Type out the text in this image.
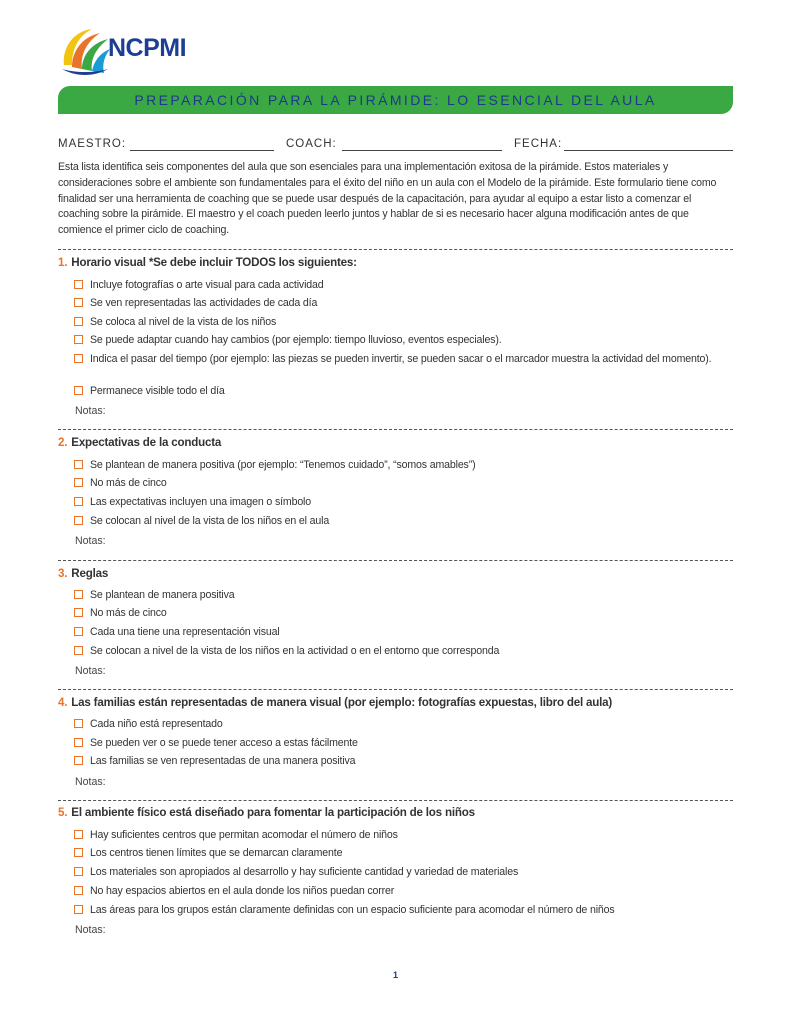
NCPMI
PREPARACIÓN PARA LA PIRÁMIDE: LO ESENCIAL DEL AULA
MAESTRO:	COACH:	FECHA:

Esta lista identifica seis componentes del aula que son esenciales para una implementación exitosa de la pirámide. Estos materiales y consideraciones sobre el ambiente son fundamentales para el éxito del niño en un aula con el Modelo de la pirámide. Este formulario tiene como finalidad ser una herramienta de coaching que se puede usar después de la capacitación, para ayudar al equipo a estar listo a comenzar el coaching sobre la pirámide. El maestro y el coach pueden leerlo juntos y hablar de si es necesario hacer alguna modificación antes de que comience el primer ciclo de coaching.

1. Horario visual *Se debe incluir TODOS los siguientes:
Incluye fotografías o arte visual para cada actividad
Se ven representadas las actividades de cada día
Se coloca al nivel de la vista de los niños
Se puede adaptar cuando hay cambios (por ejemplo: tiempo lluvioso, eventos especiales).
Indica el pasar del tiempo (por ejemplo: las piezas se pueden invertir, se pueden sacar o el marcador muestra la actividad del momento).
Permanece visible todo el día
Notas:
2. Expectativas de la conducta
Se plantean de manera positiva (por ejemplo: “Tenemos cuidado”, “somos amables”)
No más de cinco
Las expectativas incluyen una imagen o símbolo
Se colocan al nivel de la vista de los niños en el aula
Notas:
3. Reglas
Se plantean de manera positiva
No más de cinco
Cada una tiene una representación visual
Se colocan a nivel de la vista de los niños en la actividad o en el entorno que corresponda
Notas:
4. Las familias están representadas de manera visual (por ejemplo: fotografías expuestas, libro del aula)
Cada niño está representado
Se pueden ver o se puede tener acceso a estas fácilmente
Las familias se ven representadas de una manera positiva
Notas:
5. El ambiente físico está diseñado para fomentar la participación de los niños
Hay suficientes centros que permitan acomodar el número de niños
Los centros tienen límites que se demarcan claramente
Los materiales son apropiados al desarrollo y hay suficiente cantidad y variedad de materiales
No hay espacios abiertos en el aula donde los niños puedan correr
Las áreas para los grupos están claramente definidas con un espacio suficiente para acomodar el número de niños
Notas:
1
